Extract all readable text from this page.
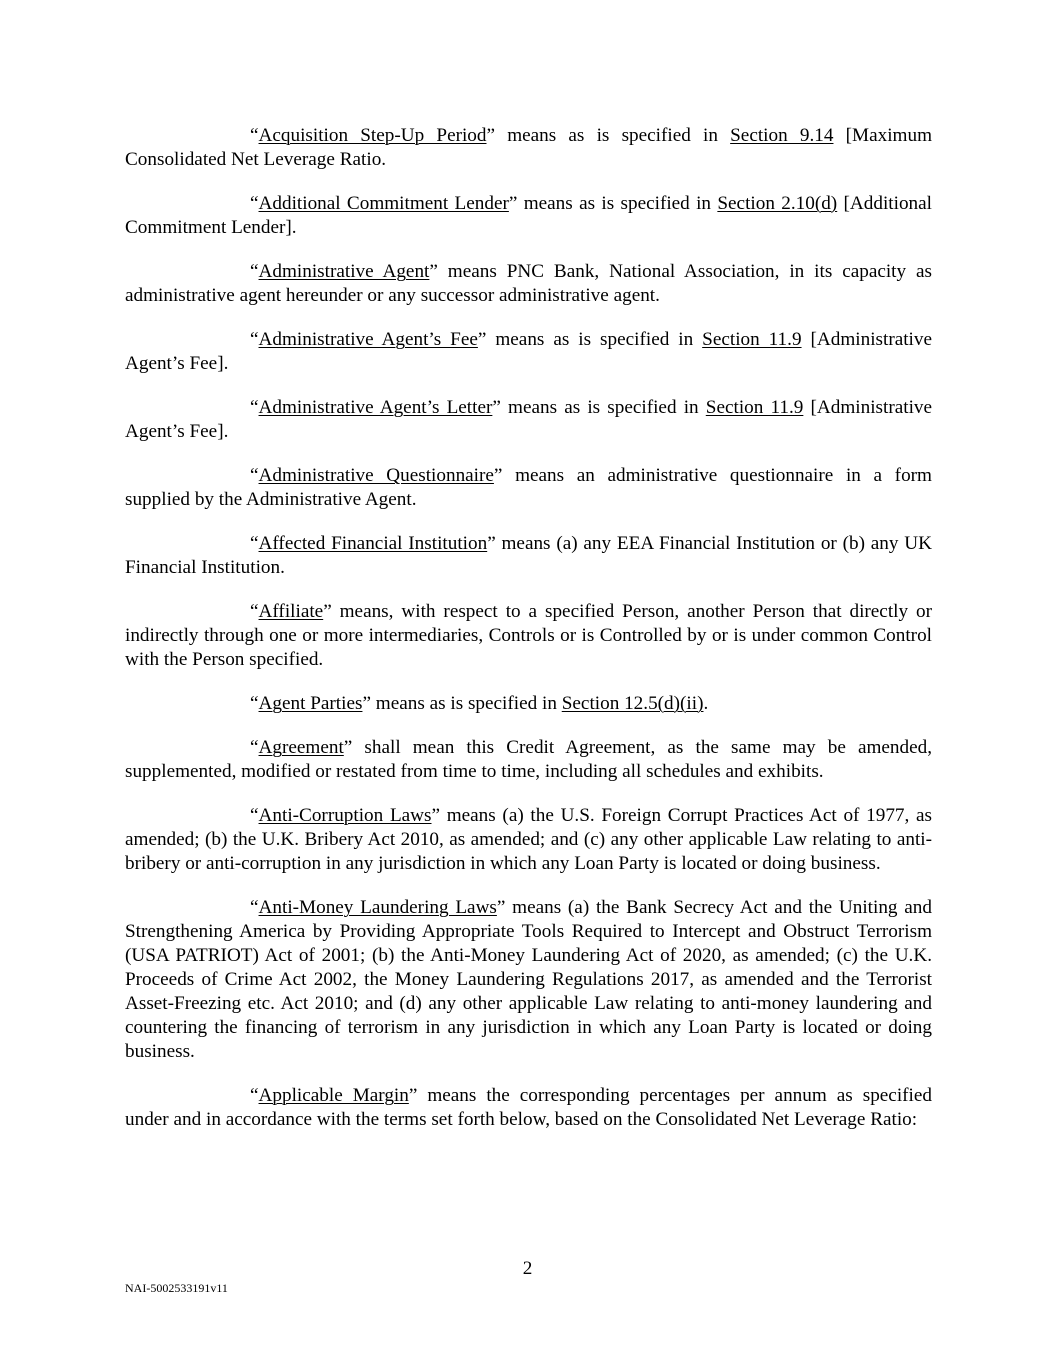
“Acquisition Step-Up Period” means as is specified in Section 9.14 [Maximum Consolidated Net Leverage Ratio.

“Additional Commitment Lender” means as is specified in Section 2.10(d) [Additional Commitment Lender].

“Administrative Agent” means PNC Bank, National Association, in its capacity as administrative agent hereunder or any successor administrative agent.

“Administrative Agent’s Fee” means as is specified in Section 11.9 [Administrative Agent’s Fee].

“Administrative Agent’s Letter” means as is specified in Section 11.9 [Administrative Agent’s Fee].

“Administrative Questionnaire” means an administrative questionnaire in a form supplied by the Administrative Agent.

“Affected Financial Institution” means (a) any EEA Financial Institution or (b) any UK Financial Institution.

“Affiliate” means, with respect to a specified Person, another Person that directly or indirectly through one or more intermediaries, Controls or is Controlled by or is under common Control with the Person specified.

“Agent Parties” means as is specified in Section 12.5(d)(ii).

“Agreement” shall mean this Credit Agreement, as the same may be amended, supplemented, modified or restated from time to time, including all schedules and exhibits.

“Anti-Corruption Laws” means (a) the U.S. Foreign Corrupt Practices Act of 1977, as amended; (b) the U.K. Bribery Act 2010, as amended; and (c) any other applicable Law relating to anti-bribery or anti-corruption in any jurisdiction in which any Loan Party is located or doing business.

“Anti-Money Laundering Laws” means (a) the Bank Secrecy Act and the Uniting and Strengthening America by Providing Appropriate Tools Required to Intercept and Obstruct Terrorism (USA PATRIOT) Act of 2001; (b) the Anti-Money Laundering Act of 2020, as amended; (c) the U.K. Proceeds of Crime Act 2002, the Money Laundering Regulations 2017, as amended and the Terrorist Asset-Freezing etc. Act 2010; and (d) any other applicable Law relating to anti-money laundering and countering the financing of terrorism in any jurisdiction in which any Loan Party is located or doing business.

“Applicable Margin” means the corresponding percentages per annum as specified under and in accordance with the terms set forth below, based on the Consolidated Net Leverage Ratio:

2
NAI-5002533191v11
